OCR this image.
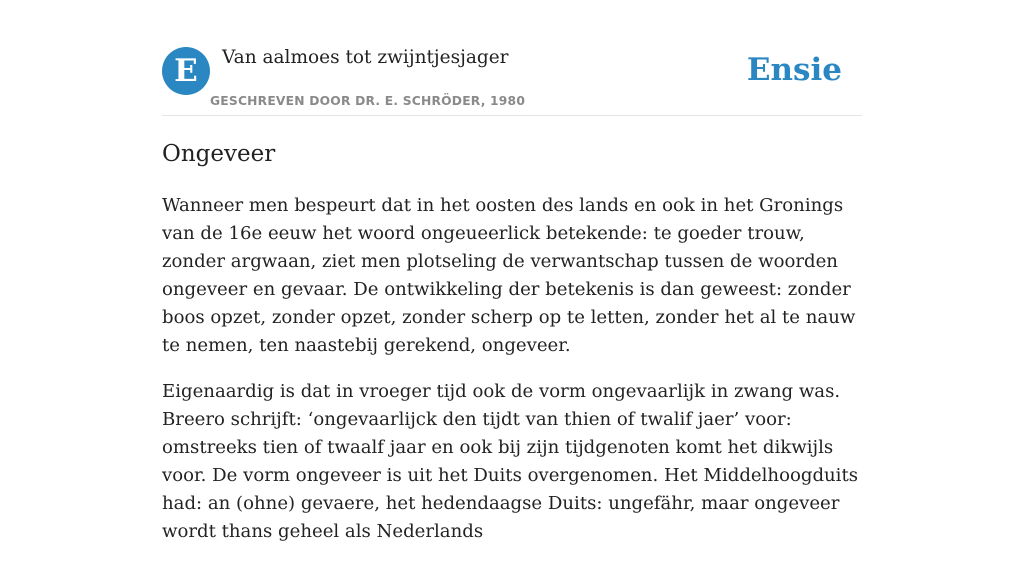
E	Van aalmoes tot zwijntjesjager
GESCHREVEN DOOR DR. E. SCHRÖDER, 1980
Ensie
Ongeveer

Wanneer men bespeurt dat in het oosten des lands en ook in het Gronings van de 16e eeuw het woord ongeueerlick betekende: te goeder trouw, zonder argwaan, ziet men plotseling de verwantschap tussen de woorden ongeveer en gevaar. De ontwikkeling der betekenis is dan geweest: zonder boos opzet, zonder opzet, zonder scherp op te letten, zonder het al te nauw te nemen, ten naastebij gerekend, ongeveer.

Eigenaardig is dat in vroeger tijd ook de vorm ongevaarlijk in zwang was. Breero schrijft: ‘ongevaarlijck den tijdt van thien of twalif jaer’ voor: omstreeks tien of twaalf jaar en ook bij zijn tijdgenoten komt het dikwijls voor. De vorm ongeveer is uit het Duits overgenomen. Het Middelhoogduits had: an (ohne) gevaere, het hedendaagse Duits: ungefähr, maar ongeveer wordt thans geheel als Nederlands
